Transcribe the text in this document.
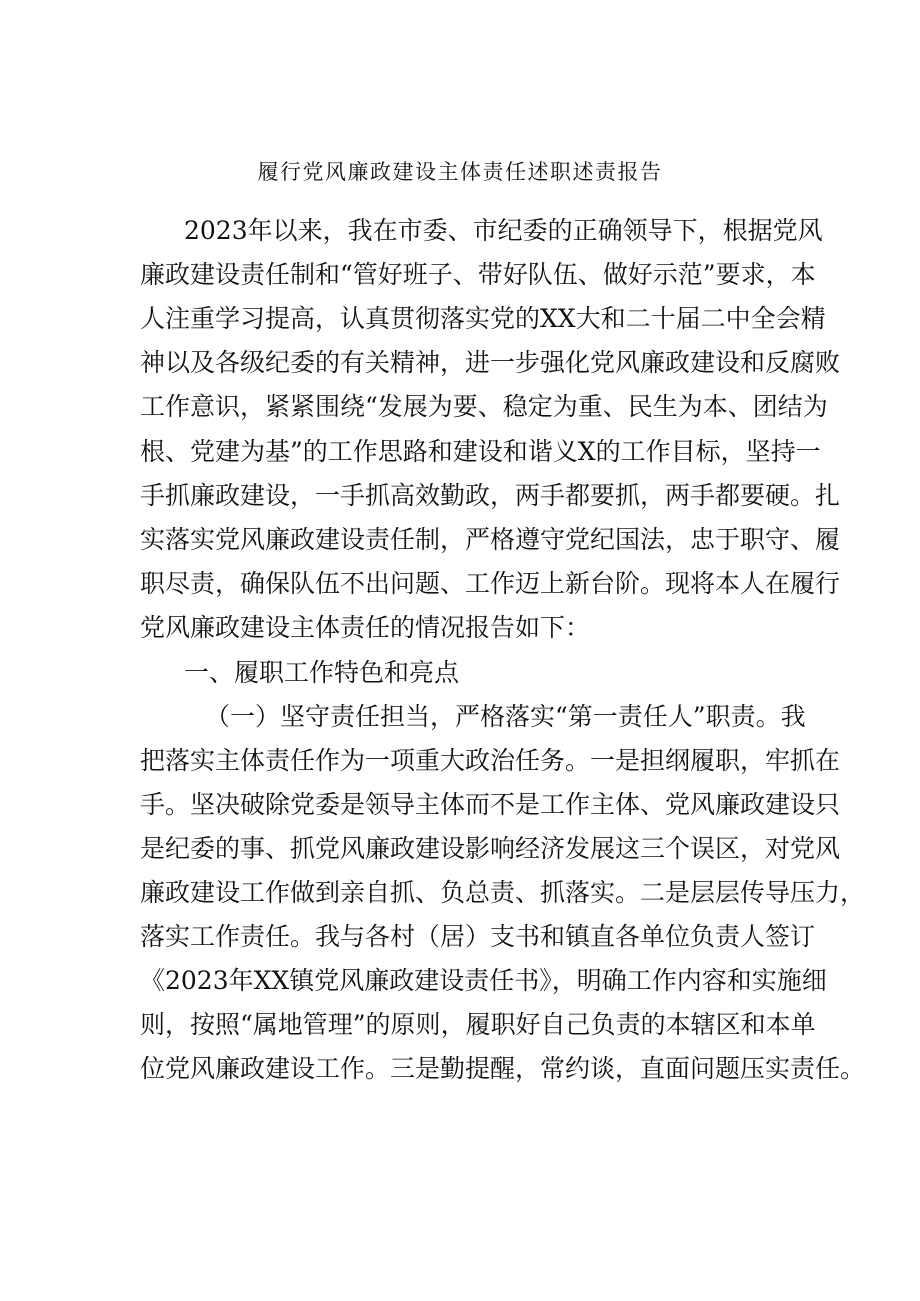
履行党风廉政建设主体责任述职述责报告
2023年以来，我在市委、市纪委的正确领导下，根据党风
廉政建设责任制和“管好班子、带好队伍、做好示范”要求，本
人注重学习提高，认真贯彻落实党的XX大和二十届二中全会精
神以及各级纪委的有关精神，进一步强化党风廉政建设和反腐败
工作意识，紧紧围绕“发展为要、稳定为重、民生为本、团结为
根、党建为基”的工作思路和建设和谐义X的工作目标，坚持一
手抓廉政建设，一手抓高效勤政，两手都要抓，两手都要硬。扎
实落实党风廉政建设责任制，严格遵守党纪国法，忠于职守、履
职尽责，确保队伍不出问题、工作迈上新台阶。现将本人在履行
党风廉政建设主体责任的情况报告如下：
一、履职工作特色和亮点
（一）坚守责任担当，严格落实“第一责任人”职责。我
把落实主体责任作为一项重大政治任务。一是担纲履职，牢抓在
手。坚决破除党委是领导主体而不是工作主体、党风廉政建设只
是纪委的事、抓党风廉政建设影响经济发展这三个误区，对党风
廉政建设工作做到亲自抓、负总责、抓落实。二是层层传导压力，
落实工作责任。我与各村（居）支书和镇直各单位负责人签订
《2023年XX镇党风廉政建设责任书》，明确工作内容和实施细
则，按照“属地管理”的原则，履职好自己负责的本辖区和本单
位党风廉政建设工作。三是勤提醒，常约谈，直面问题压实责任。
